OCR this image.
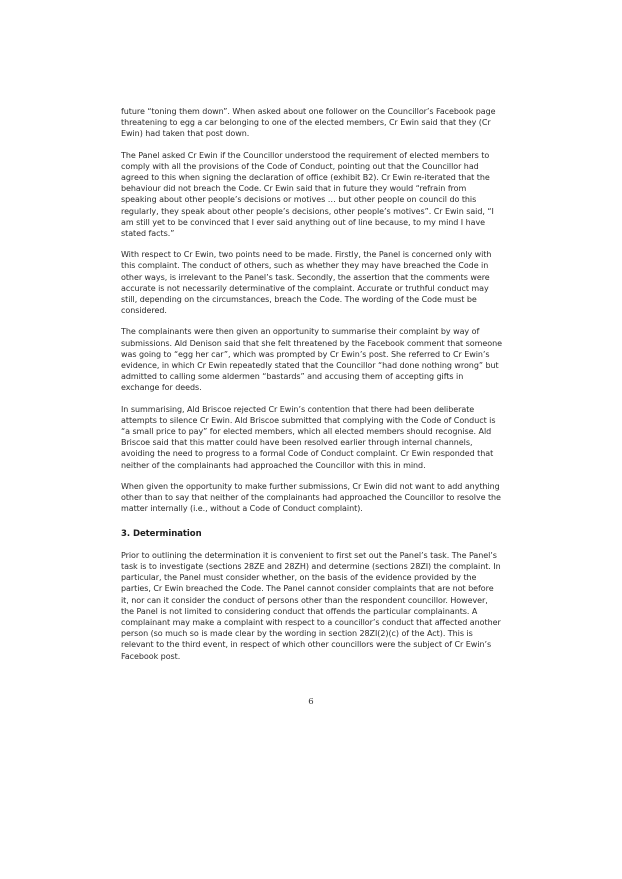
future “toning them down”. When asked about one follower on the Councillor’s Facebook page threatening to egg a car belonging to one of the elected members, Cr Ewin said that they (Cr Ewin) had taken that post down.

The Panel asked Cr Ewin if the Councillor understood the requirement of elected members to comply with all the provisions of the Code of Conduct, pointing out that the Councillor had agreed to this when signing the declaration of office (exhibit B2). Cr Ewin re-iterated that the behaviour did not breach the Code. Cr Ewin said that in future they would “refrain from speaking about other people’s decisions or motives … but other people on council do this regularly, they speak about other people’s decisions, other people’s motives”. Cr Ewin said, “I am still yet to be convinced that I ever said anything out of line because, to my mind I have stated facts.”

With respect to Cr Ewin, two points need to be made. Firstly, the Panel is concerned only with this complaint. The conduct of others, such as whether they may have breached the Code in other ways, is irrelevant to the Panel’s task. Secondly, the assertion that the comments were accurate is not necessarily determinative of the complaint. Accurate or truthful conduct may still, depending on the circumstances, breach the Code. The wording of the Code must be considered.

The complainants were then given an opportunity to summarise their complaint by way of submissions. Ald Denison said that she felt threatened by the Facebook comment that someone was going to “egg her car”, which was prompted by Cr Ewin’s post. She referred to Cr Ewin’s evidence, in which Cr Ewin repeatedly stated that the Councillor “had done nothing wrong” but admitted to calling some aldermen “bastards” and accusing them of accepting gifts in exchange for deeds.

In summarising, Ald Briscoe rejected Cr Ewin’s contention that there had been deliberate attempts to silence Cr Ewin. Ald Briscoe submitted that complying with the Code of Conduct is “a small price to pay” for elected members, which all elected members should recognise. Ald Briscoe said that this matter could have been resolved earlier through internal channels, avoiding the need to progress to a formal Code of Conduct complaint. Cr Ewin responded that neither of the complainants had approached the Councillor with this in mind.

When given the opportunity to make further submissions, Cr Ewin did not want to add anything other than to say that neither of the complainants had approached the Councillor to resolve the matter internally (i.e., without a Code of Conduct complaint).

3. Determination

Prior to outlining the determination it is convenient to first set out the Panel’s task. The Panel’s task is to investigate (sections 28ZE and 28ZH) and determine (sections 28ZI) the complaint. In particular, the Panel must consider whether, on the basis of the evidence provided by the parties, Cr Ewin breached the Code. The Panel cannot consider complaints that are not before it, nor can it consider the conduct of persons other than the respondent councillor. However, the Panel is not limited to considering conduct that offends the particular complainants. A complainant may make a complaint with respect to a councillor’s conduct that affected another person (so much so is made clear by the wording in section 28ZI(2)(c) of the Act). This is relevant to the third event, in respect of which other councillors were the subject of Cr Ewin’s Facebook post.

6
